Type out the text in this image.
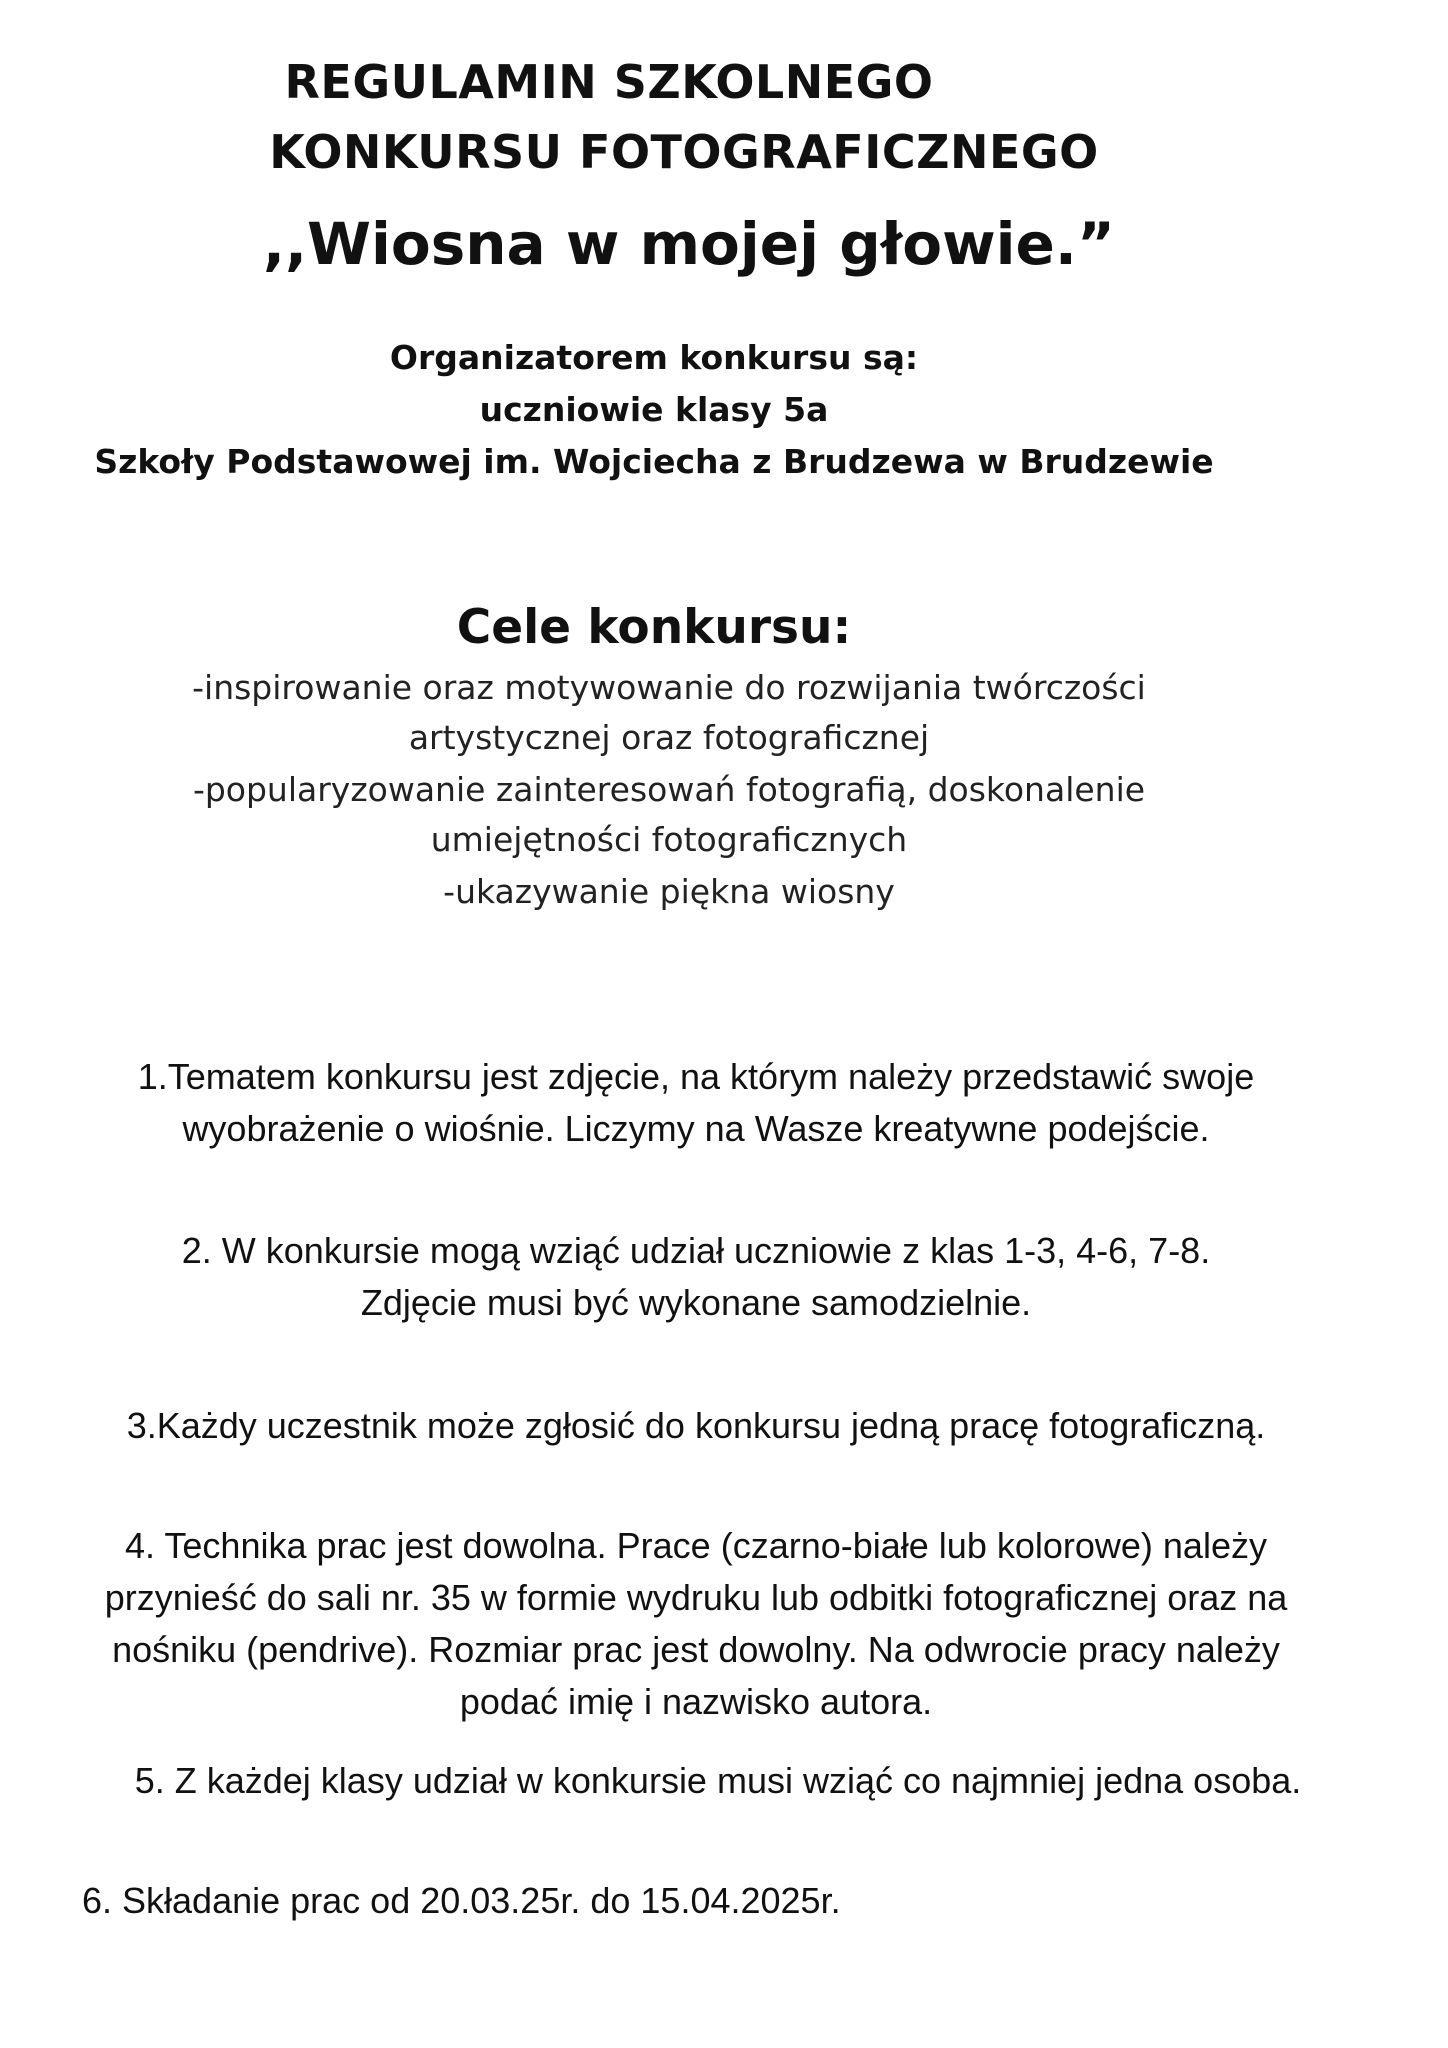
REGULAMIN SZKOLNEGO

KONKURSU FOTOGRAFICZNEGO

,,Wiosna w mojej głowie.”

Organizatorem konkursu są:

uczniowie klasy 5a

Szkoły Podstawowej im. Wojciecha z Brudzewa w Brudzewie

Cele konkursu:

-inspirowanie oraz motywowanie do rozwijania twórczości

artystycznej oraz fotograficznej

-popularyzowanie zainteresowań fotografią, doskonalenie

umiejętności fotograficznych

-ukazywanie piękna wiosny

1.Tematem konkursu jest zdjęcie, na którym należy przedstawić swoje

wyobrażenie o wiośnie. Liczymy na Wasze kreatywne podejście.

2. W konkursie mogą wziąć udział uczniowie z klas 1-3, 4-6, 7-8.

Zdjęcie musi być wykonane samodzielnie.

3.Każdy uczestnik może zgłosić do konkursu jedną pracę fotograficzną.

4. Technika prac jest dowolna. Prace (czarno-białe lub kolorowe) należy

przynieść do sali nr. 35 w formie wydruku lub odbitki fotograficznej oraz na

nośniku (pendrive). Rozmiar prac jest dowolny. Na odwrocie pracy należy

podać imię i nazwisko autora.

5. Z każdej klasy udział w konkursie musi wziąć co najmniej jedna osoba.

6. Składanie prac od 20.03.25r. do 15.04.2025r.
